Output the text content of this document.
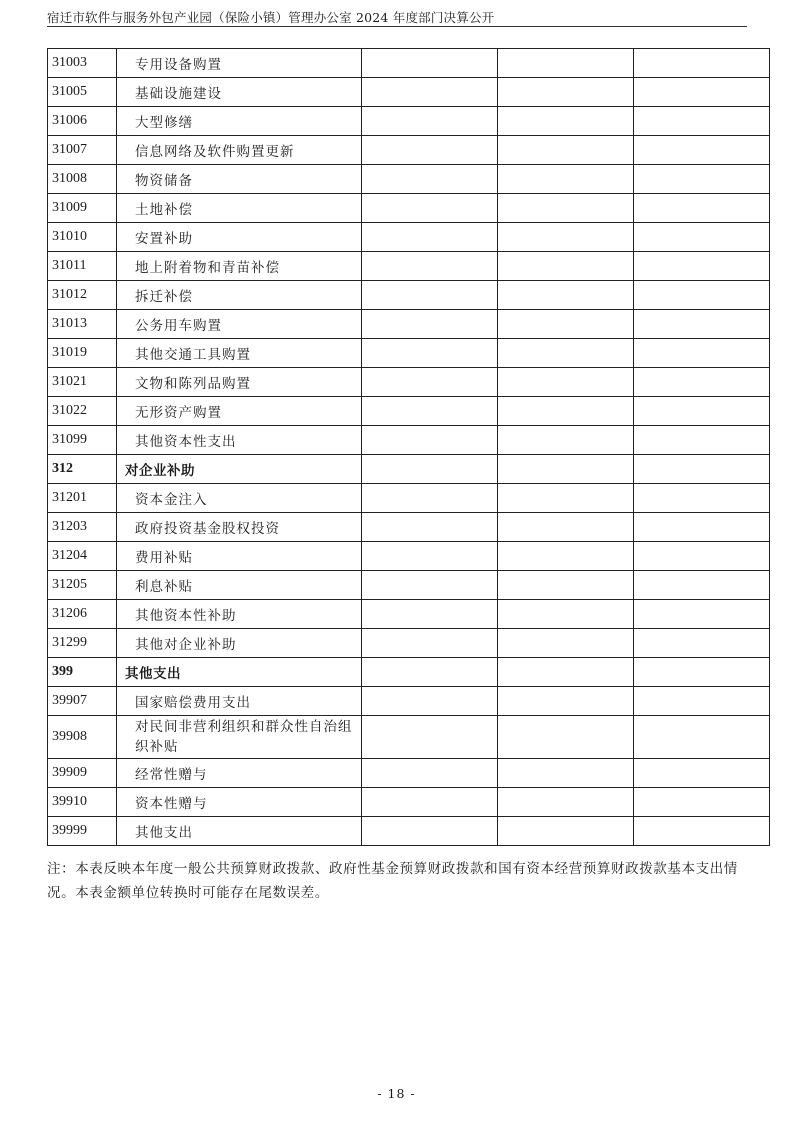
宿迁市软件与服务外包产业园（保险小镇）管理办公室 2024 年度部门决算公开
31003	专用设备购置			
31005	基础设施建设			
31006	大型修缮			
31007	信息网络及软件购置更新			
31008	物资储备			
31009	土地补偿			
31010	安置补助			
31011	地上附着物和青苗补偿			
31012	拆迁补偿			
31013	公务用车购置			
31019	其他交通工具购置			
31021	文物和陈列品购置			
31022	无形资产购置			
31099	其他资本性支出			
312	对企业补助			
31201	资本金注入			
31203	政府投资基金股权投资			
31204	费用补贴			
31205	利息补贴			
31206	其他资本性补助			
31299	其他对企业补助			
399	其他支出			
39907	国家赔偿费用支出			
39908	对民间非营利组织和群众性自治组织补贴			
39909	经常性赠与			
39910	资本性赠与			
39999	其他支出			
注：本表反映本年度一般公共预算财政拨款、政府性基金预算财政拨款和国有资本经营预算财政拨款基本支出情况。本表金额单位转换时可能存在尾数误差。
- 18 -
